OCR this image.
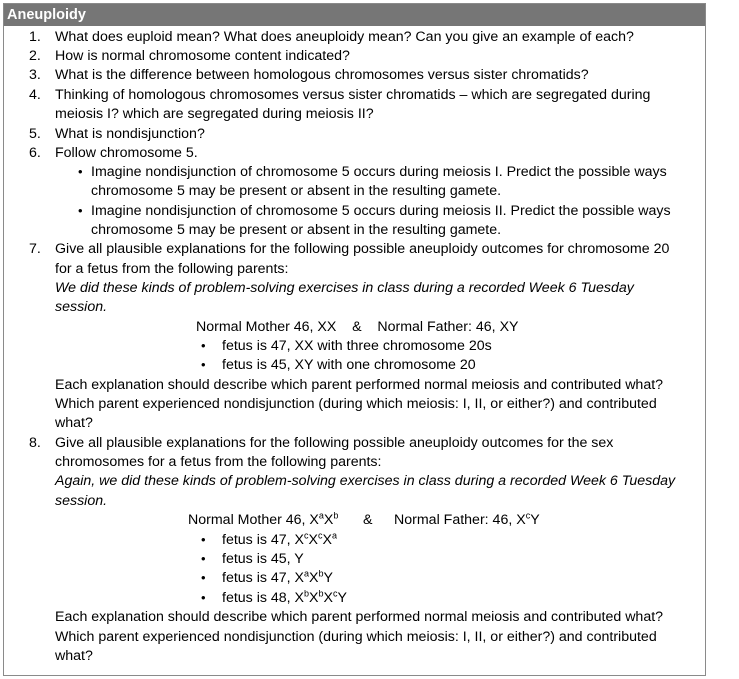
Aneuploidy
1. What does euploid mean? What does aneuploidy mean? Can you give an example of each?
2. How is normal chromosome content indicated?
3. What is the difference between homologous chromosomes versus sister chromatids?
4. Thinking of homologous chromosomes versus sister chromatids – which are segregated during
meiosis I? which are segregated during meiosis II?
5. What is nondisjunction?
6. Follow chromosome 5.
• Imagine nondisjunction of chromosome 5 occurs during meiosis I. Predict the possible ways
chromosome 5 may be present or absent in the resulting gamete.
• Imagine nondisjunction of chromosome 5 occurs during meiosis II. Predict the possible ways
chromosome 5 may be present or absent in the resulting gamete.
7. Give all plausible explanations for the following possible aneuploidy outcomes for chromosome 20
for a fetus from the following parents:
We did these kinds of problem-solving exercises in class during a recorded Week 6 Tuesday
session.
Normal Mother 46, XX    &    Normal Father: 46, XY
• fetus is 47, XX with three chromosome 20s
• fetus is 45, XY with one chromosome 20
Each explanation should describe which parent performed normal meiosis and contributed what?
Which parent experienced nondisjunction (during which meiosis: I, II, or either?) and contributed
what?
8. Give all plausible explanations for the following possible aneuploidy outcomes for the sex
chromosomes for a fetus from the following parents:
Again, we did these kinds of problem-solving exercises in class during a recorded Week 6 Tuesday
session.
Normal Mother 46, $X^aX^b$ & Normal Father: 46, $X^cY$
• fetus is 47, $X^cX^cX^a$
• fetus is 45, Y
• fetus is 47, $X^aX^bY$
• fetus is 48, $X^bX^bX^cY$
Each explanation should describe which parent performed normal meiosis and contributed what?
Which parent experienced nondisjunction (during which meiosis: I, II, or either?) and contributed
what?
